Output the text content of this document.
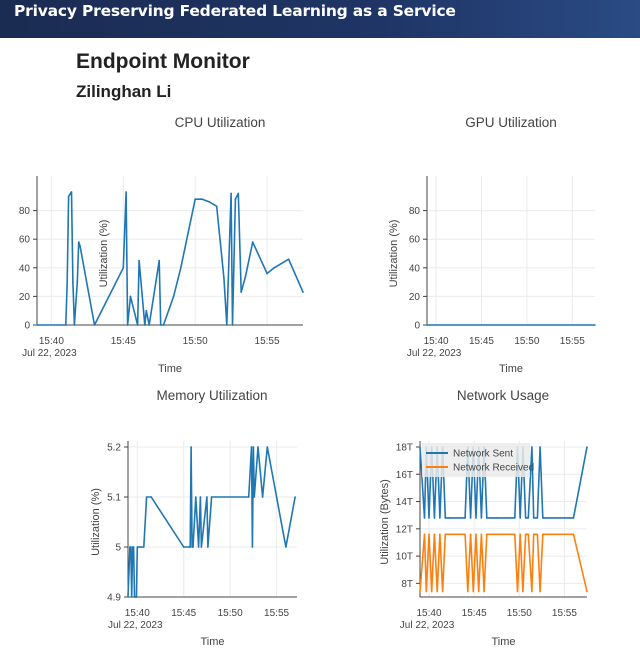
Privacy Preserving Federated Learning as a Service
Endpoint Monitor
Zilinghan Li
CPU Utilization
15:40	15:45	15:50	15:55
Jul 22, 2023
0
20
40
60
80
Time
Utilization (%)
GPU Utilization
15:40 15:45 15:50 15:55
Jul 22, 2023
0
20
40
60
80
Time
Utilization (%)
Memory Utilization
15:40 15:45 15:50 15:55
Jul 22, 2023
4.9
5
5.1
5.2
Time
Utilization (%)
Network Usage
15:40 15:45 15:50 15:55
Jul 22, 2023
8T
10T
12T
14T
16T
18T
Time
Utilization (Bytes)
Network Sent
Network Received
